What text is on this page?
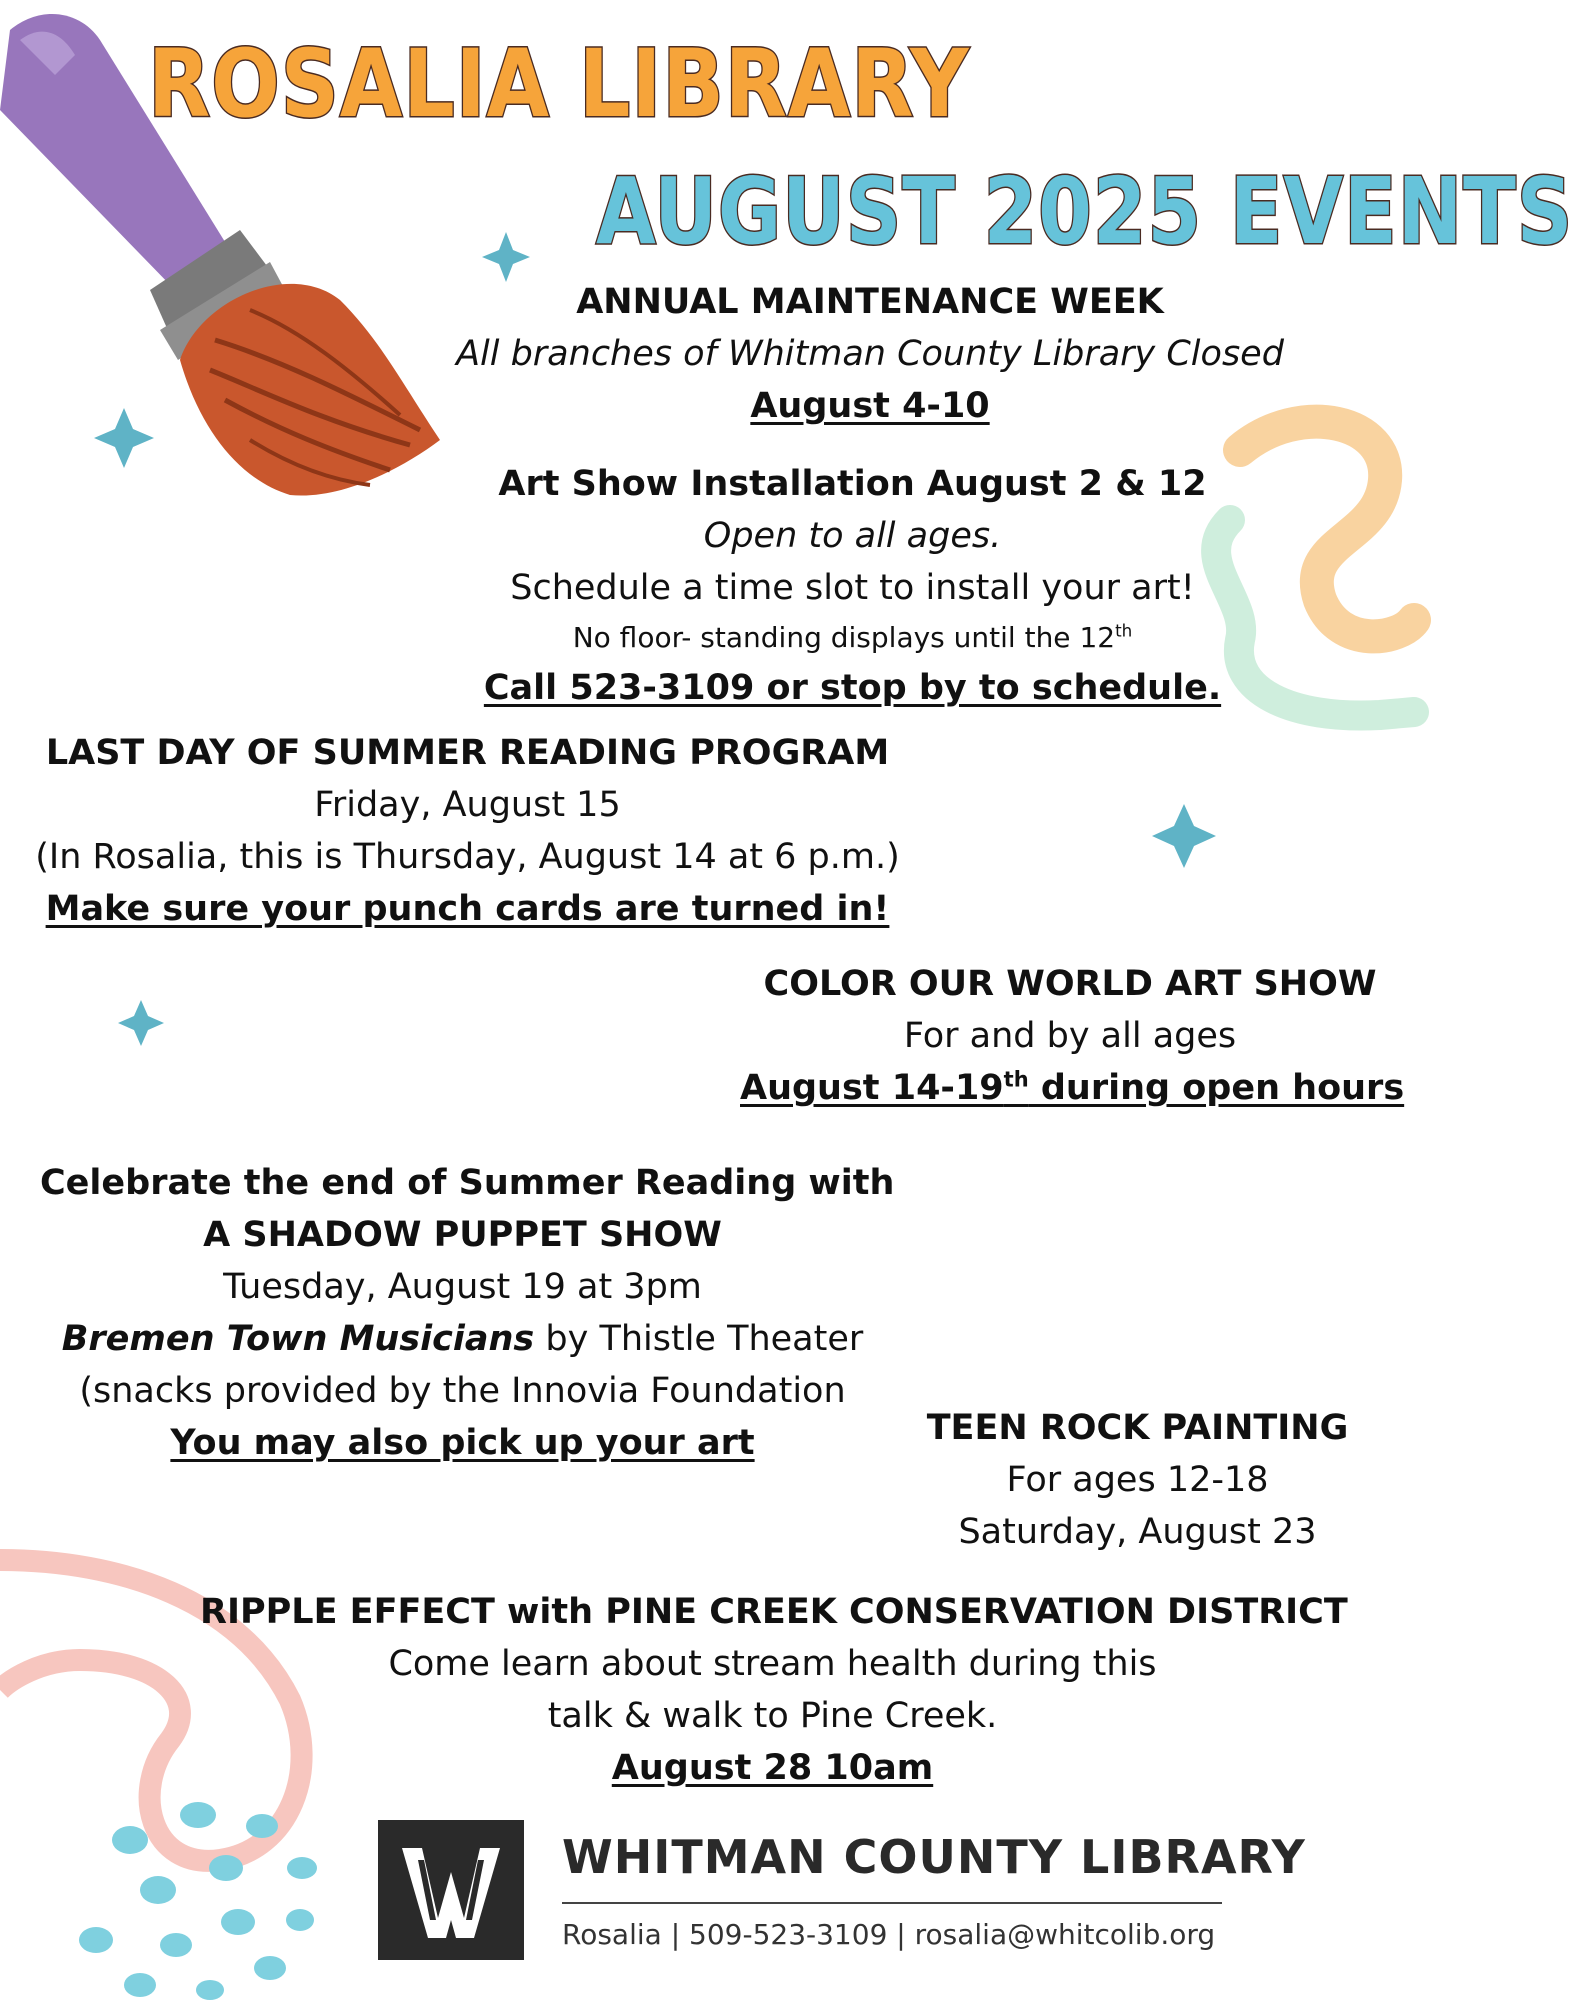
ROSALIA LIBRARY
AUGUST 2025 EVENTS
ANNUAL MAINTENANCE WEEK
All branches of Whitman County Library Closed
August 4-10
Art Show Installation August 2 & 12
Open to all ages.
Schedule a time slot to install your art!
No floor- standing displays until the 12th
Call 523-3109 or stop by to schedule.
LAST DAY OF SUMMER READING PROGRAM
Friday, August 15
(In Rosalia, this is Thursday, August 14 at 6 p.m.)
Make sure your punch cards are turned in!
COLOR OUR WORLD ART SHOW
For and by all ages
August 14-19th during open hours
Celebrate the end of Summer Reading with
A SHADOW PUPPET SHOW
Tuesday, August 19 at 3pm
Bremen Town Musicians by Thistle Theater
(snacks provided by the Innovia Foundation
You may also pick up your art	TEEN ROCK PAINTING
For ages 12-18
Saturday, August 23
RIPPLE EFFECT with PINE CREEK CONSERVATION DISTRICT
Come learn about stream health during this
talk & walk to Pine Creek.
August 28 10am
WHITMAN COUNTY LIBRARY
Rosalia | 509-523-3109 | rosalia@whitcolib.org
